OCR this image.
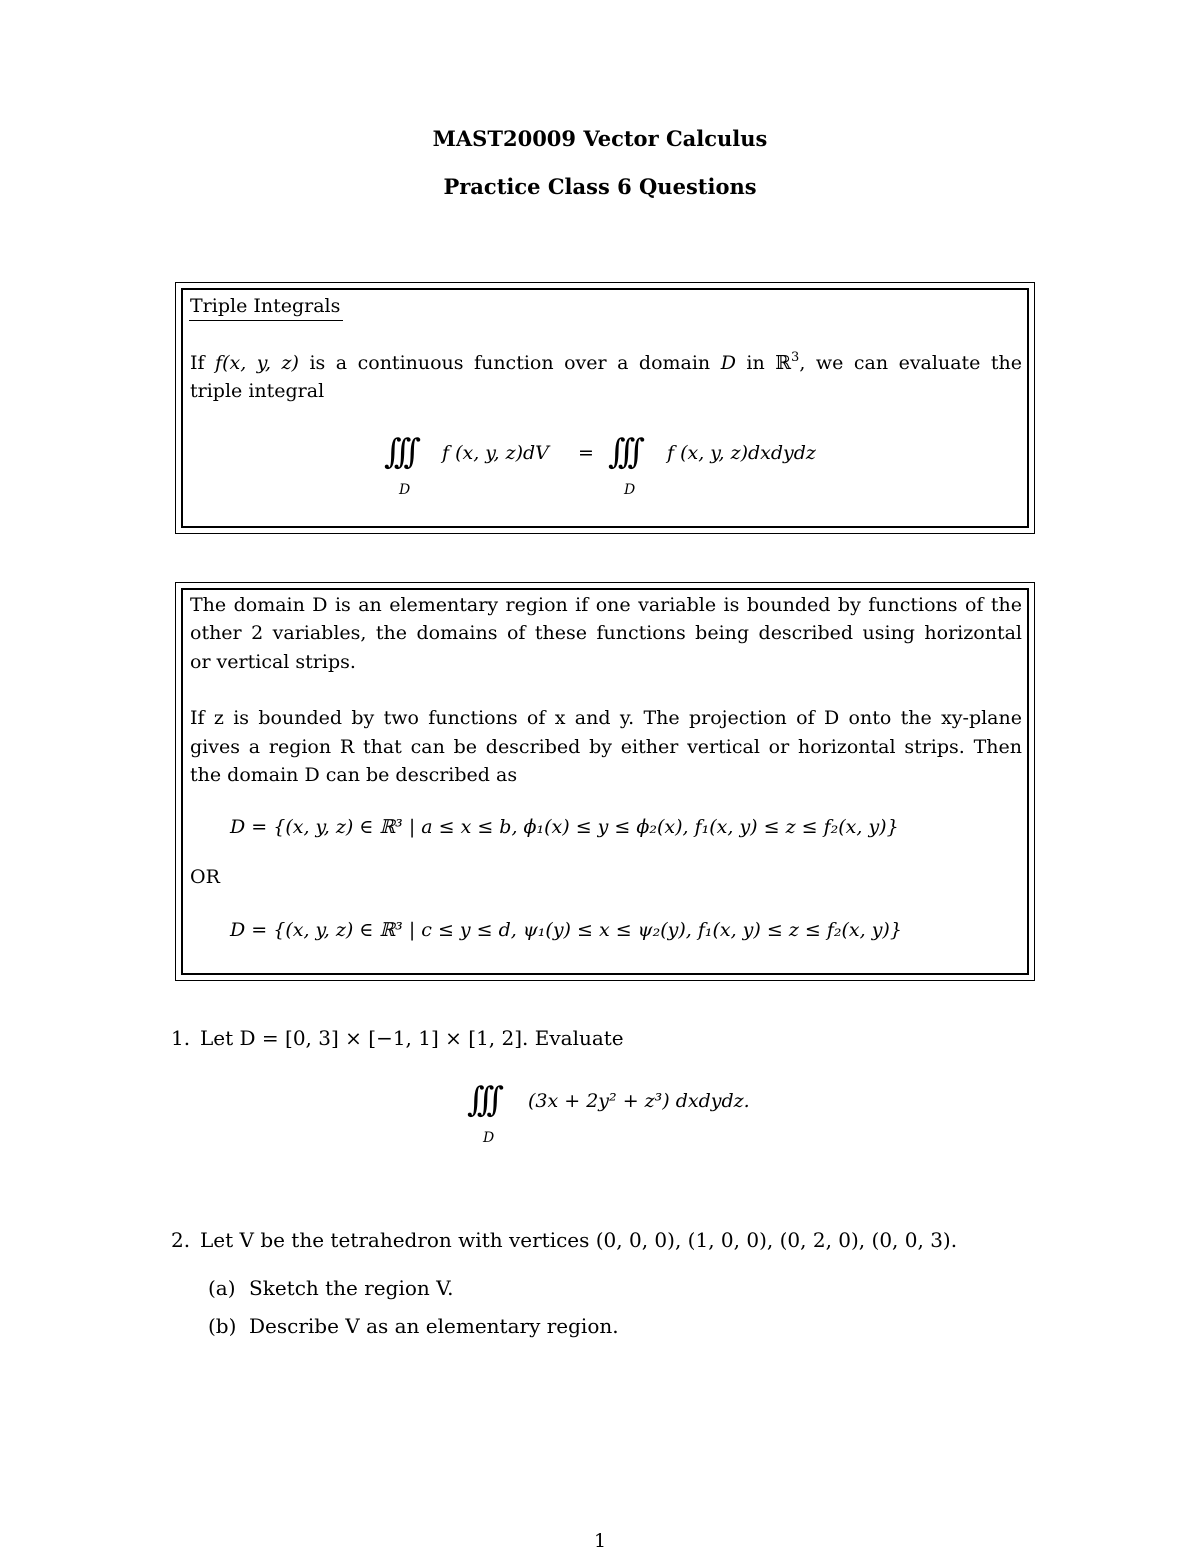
MAST20009 Vector Calculus
Practice Class 6 Questions
Triple Integrals
If f(x, y, z) is a continuous function over a domain D in ℝ$^3$, we can evaluate the
triple integral
∫∫∫
D
f (x, y, z)dV = ∫∫∫
D
f (x, y, z)dxdydz
The domain D is an elementary region if one variable is bounded by functions of the
other 2 variables, the domains of these functions being described using horizontal
or vertical strips.
If z is bounded by two functions of x and y. The projection of D onto the xy-plane
gives a region R that can be described by either vertical or horizontal strips. Then
the domain D can be described as
D = {(x, y, z) ∈ ℝ³ | a ≤ x ≤ b, ϕ₁(x) ≤ y ≤ ϕ₂(x), f₁(x, y) ≤ z ≤ f₂(x, y)}
OR
D = {(x, y, z) ∈ ℝ³ | c ≤ y ≤ d, ψ₁(y) ≤ x ≤ ψ₂(y), f₁(x, y) ≤ z ≤ f₂(x, y)}
1. Let D = [0, 3] × [−1, 1] × [1, 2]. Evaluate
∫∫∫
D
(3x + 2y² + z³) dxdydz.
2. Let V be the tetrahedron with vertices (0, 0, 0), (1, 0, 0), (0, 2, 0), (0, 0, 3).
(a) Sketch the region V.
(b) Describe V as an elementary region.
1
